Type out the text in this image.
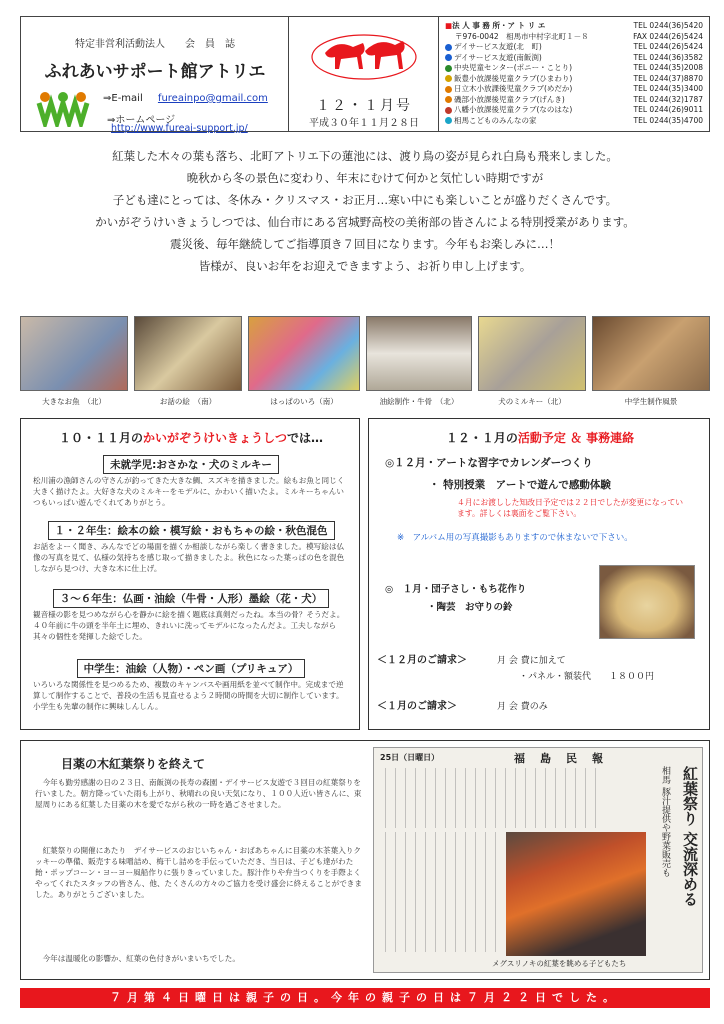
特定非営利活動法人　　会　員　誌
ふれあいサポート館アトリエ
⇒E-mail fureainpo@gmail.com
⇒ホームページ
http://www.fureai-support.jp/
１２・１月号
平成３０年１１月２８日
■法 人 事 務 所・ア ト リ エ	TEL 0244(36)5420
〒976-0042　相馬市中村字北町１－８	FAX 0244(26)5424
デイサービス友遊(北　町)	TEL 0244(26)5424
デイサービス友遊(南飯渕)	TEL 0244(36)3582
中央児童センター(ポニー・ことり)	TEL 0244(35)2008
飯豊小放課後児童クラブ(ひまわり)	TEL 0244(37)8870
日立木小放課後児童クラブ(めだか)	TEL 0244(35)3400
磯部小放課後児童クラブ(げんき)	TEL 0244(32)1787
八幡小放課後児童クラブ(なのはな)	TEL 0244(26)9011
相馬こどものみんなの家	TEL 0244(35)4700
紅葉した木々の葉も落ち、北町アトリエ下の蓮池には、渡り鳥の姿が見られ白鳥も飛来しました。
晩秋から冬の景色に変わり、年末にむけて何かと気忙しい時期ですが
子ども達にとっては、冬休み・クリスマス・お正月…寒い中にも楽しいことが盛りだくさんです。
かいがぞうけいきょうしつでは、仙台市にある宮城野高校の美術部の皆さんによる特別授業があります。
震災後、毎年継続してご指導頂き７回目になります。今年もお楽しみに…！
皆様が、良いお年をお迎えできますよう、お祈り申し上げます。
大きなお魚　（北）	お話の絵　（南）	はっぱのいろ（南）	油絵制作・牛骨　（北）	犬のミルキー（北）	中学生制作風景
１０・１１月のかいがぞうけいきょうしつでは…
未就学児:おさかな・犬のミルキー
松川浦の漁師さんの守さんが釣ってきた大きな鯛、スズキを描きました。絵もお魚と同じく大きく描けたよ。大好きな犬のミルキーをモデルに、かわいく描いたよ。ミルキーちゃんいつもいっぱい遊んでくれてありがとう。
１・２年生：絵本の絵・模写絵・おもちゃの絵・秋色混色
お話をよーく聞き、みんなでどの場面を描くか相談しながら楽しく書きました。模写絵は仏像の写真を見て、仏様の気持ちを感じ取って描きましたよ。秋色になった葉っぱの色を混色しながら見つけ、大きな木に仕上げ。
３〜６年生：仏画・油絵（牛骨・人形）墨絵（花・犬）
観音様の影を見つめながら心を静かに絵を描く題底は真剣だったね。本当の骨？そうだよ。４０年前に牛の頭を半年土に埋め、きれいに洗ってモデルになったんだよ。工夫しながら其々の個性を発揮した絵でした。
中学生：油絵（人物）・ペン画（プリキュア）
いろいろな関係性を見つめるため、複数のキャンバスや画用紙を並べて制作中。完成まで逆算して制作することで、普段の生活も見直せるよう２時間の時間を大切に制作しています。小学生も先輩の制作に興味しんしん。
１２・１月の活動予定 ＆ 事務連絡
◎１２月・アートな習字でカレンダーつくり
・ 特別授業　アートで遊んで感動体験
４月にお渡しした知改日予定では２２日でしたが変更になっています。詳しくは裏面をご覧下さい。
※　アルバム用の写真撮影もありますので休まないで下さい。
◎　１月・団子さし・もち花作り
・陶芸　お守りの鈴
＜１２月のご請求＞	月 会 費に加えて
・パネル・額装代　　１８００円
＜１月のご請求＞	月 会 費のみ
目薬の木紅葉祭りを終えて
今年も勤労感謝の日の２３日、南飯渕の長寿の森園・デイサービス友遊で３回目の紅葉祭りを行いました。朝方降っていた雨も上がり、秋晴れの良い天気になり、１００人近い皆さんに、束屋周りにある紅葉した目薬の木を愛でながら秋の一時を過ごさせました。
紅葉祭りの開催にあたり　デイサービスのおじいちゃん・おばあちゃんに目薬の木茶葉入りクッキーの準備、販売する味噌詰め、梅干し詰めを手伝っていただき、当日は、子ども達がわた飴・ポップコーン・ヨーヨー風船作りに張りきっていました。豚汁作りや弁当つくりを手際よくやってくれたスタッフの皆さん、他、たくさんの方々のご協力を受け盛会に終えることができました。ありがとうございました。
今年は温暖化の影響か、紅葉の色付きがいまいちでした。
25日（日曜日）	福　島　民　報
紅葉祭り 交流深める
相馬 豚汁提供や野菜販売も
メグスリノキの紅葉を眺める子どもたち
７月第４日曜日は親子の日。今年の親子の日は７月２２日でした。
